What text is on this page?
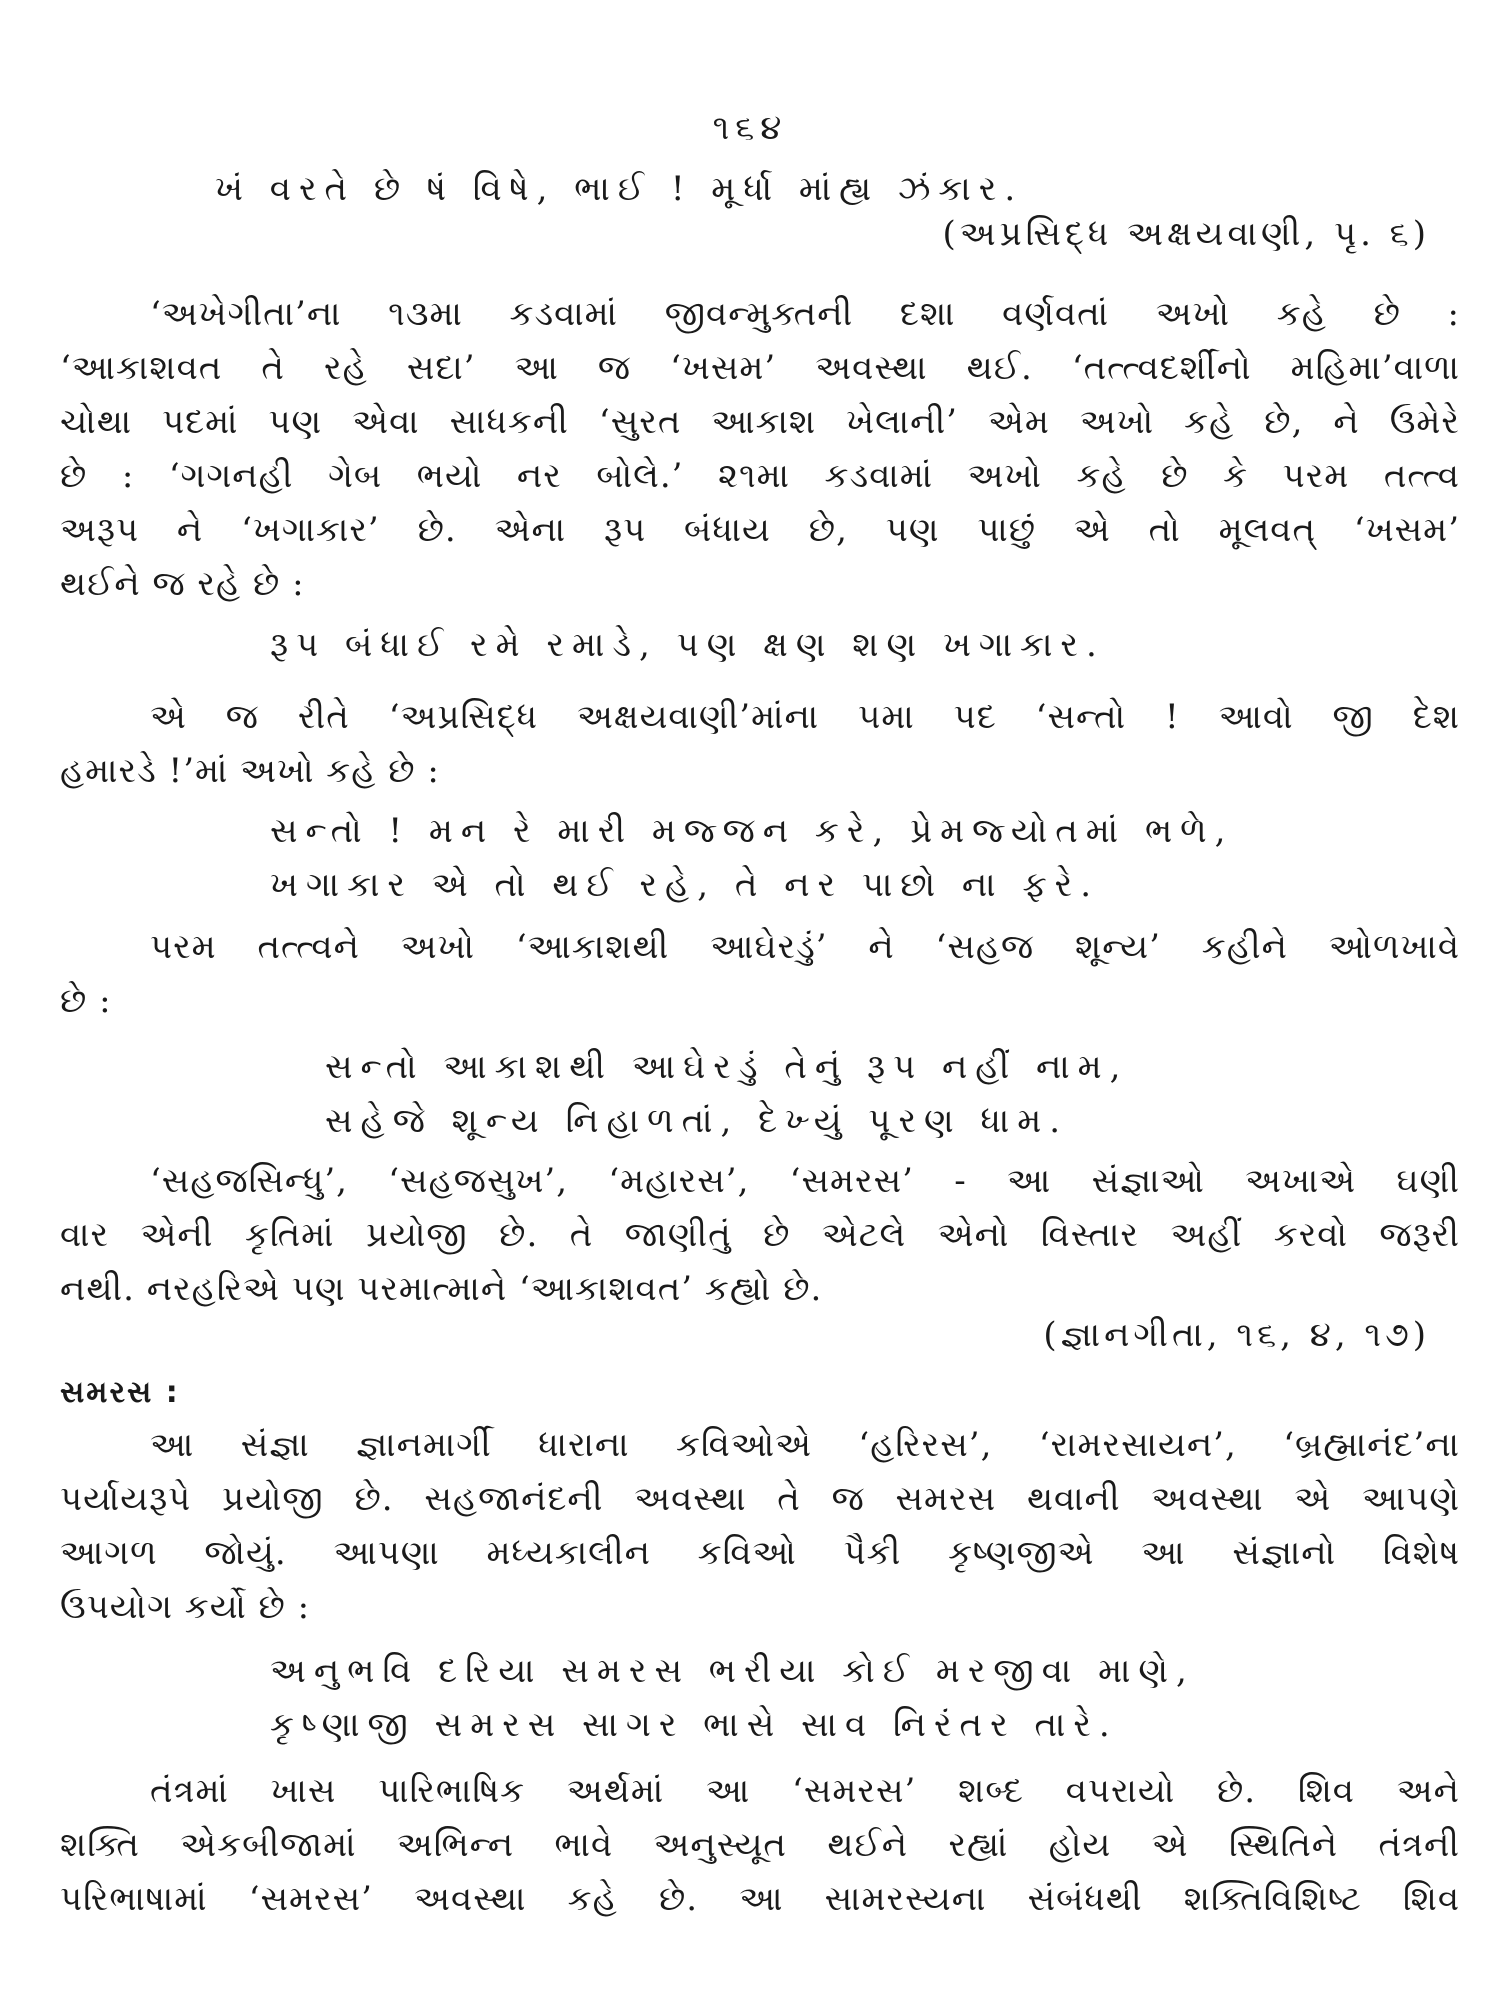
૧૬૪
ખં વરતે છે ષં વિષે, ભાઈ ! મૂર્ધા માંહ્ય ઝંકાર.
(અપ્રસિદ્ધ અક્ષયવાણી, પૃ. ૬)
‘અખેગીતા’ના ૧૩મા કડવામાં જીવન્મુક્તની દશા વર્ણવતાં અખો કહે છે :
‘આકાશવત તે રહે સદા’ આ જ ‘ખસમ’ અવસ્થા થઈ. ‘તત્ત્વદર્શીનો મહિમા’વાળા
ચોથા પદમાં પણ એવા સાધકની ‘સુરત આકાશ ખેલાની’ એમ અખો કહે છે, ને ઉમેરે
છે : ‘ગગનહી ગેબ ભયો નર બોલે.’ ૨૧મા કડવામાં અખો કહે છે કે પરમ તત્ત્વ
અરૂપ ને ‘ખગાકાર’ છે. એના રૂપ બંધાય છે, પણ પાછું એ તો મૂલવત્ ‘ખસમ’
થઈને જ રહે છે :
રૂપ બંધાઈ રમે રમાડે, પણ ક્ષણ શણ ખગાકાર.
એ જ રીતે ‘અપ્રસિદ્ધ અક્ષયવાણી’માંના ૫મા પદ ‘સન્તો ! આવો જી દેશ
હમારડે !’માં અખો કહે છે :
સન્તો ! મન રે મારી મજ્જન કરે, પ્રેમજ્યોતમાં ભળે,
ખગાકાર એ તો થઈ રહે, તે નર પાછો ના ફરે.
પરમ તત્ત્વને અખો ‘આકાશથી આઘેરડું’ ને ‘સહજ શૂન્ય’ કહીને ઓળખાવે
છે :
સન્તો આકાશથી આઘેરડું તેનું રૂપ નહીં નામ,
સહેજે શૂન્ય નિહાળતાં, દેખ્યું પૂરણ ધામ.
‘સહજસિન્ધુ’, ‘સહજસુખ’, ‘મહારસ’, ‘સમરસ’ - આ સંજ્ઞાઓ અખાએ ઘણી
વાર એની કૃતિમાં પ્રયોજી છે. તે જાણીતું છે એટલે એનો વિસ્તાર અહીં કરવો જરૂરી
નથી. નરહરિએ પણ પરમાત્માને ‘આકાશવત’ કહ્યો છે.
(જ્ઞાનગીતા, ૧૬, ૪, ૧૭)
સમરસ :
આ સંજ્ઞા જ્ઞાનમાર્ગી ધારાના કવિઓએ ‘હરિરસ’, ‘રામરસાયન’, ‘બ્રહ્માનંદ’ના
પર્યાયરૂપે પ્રયોજી છે. સહજાનંદની અવસ્થા તે જ સમરસ થવાની અવસ્થા એ આપણે
આગળ જોયું. આપણા મધ્યકાલીન કવિઓ પૈકી કૃષ્ણજીએ આ સંજ્ઞાનો વિશેષ
ઉપયોગ કર્યો છે :
અનુભવિ દરિયા સમરસ ભરીયા કોઈ મરજીવા માણે,
કૃષ્ણાજી સમરસ સાગર ભાસે સાવ નિરંતર તારે.
તંત્રમાં ખાસ પારિભાષિક અર્થમાં આ ‘સમરસ’ શબ્દ વપરાયો છે. શિવ અને
શક્તિ એકબીજામાં અભિન્ન ભાવે અનુસ્યૂત થઈને રહ્યાં હોય એ સ્થિતિને તંત્રની
પરિભાષામાં ‘સમરસ’ અવસ્થા કહે છે. આ સામરસ્યના સંબંધથી શક્તિવિશિષ્ટ શિવ
